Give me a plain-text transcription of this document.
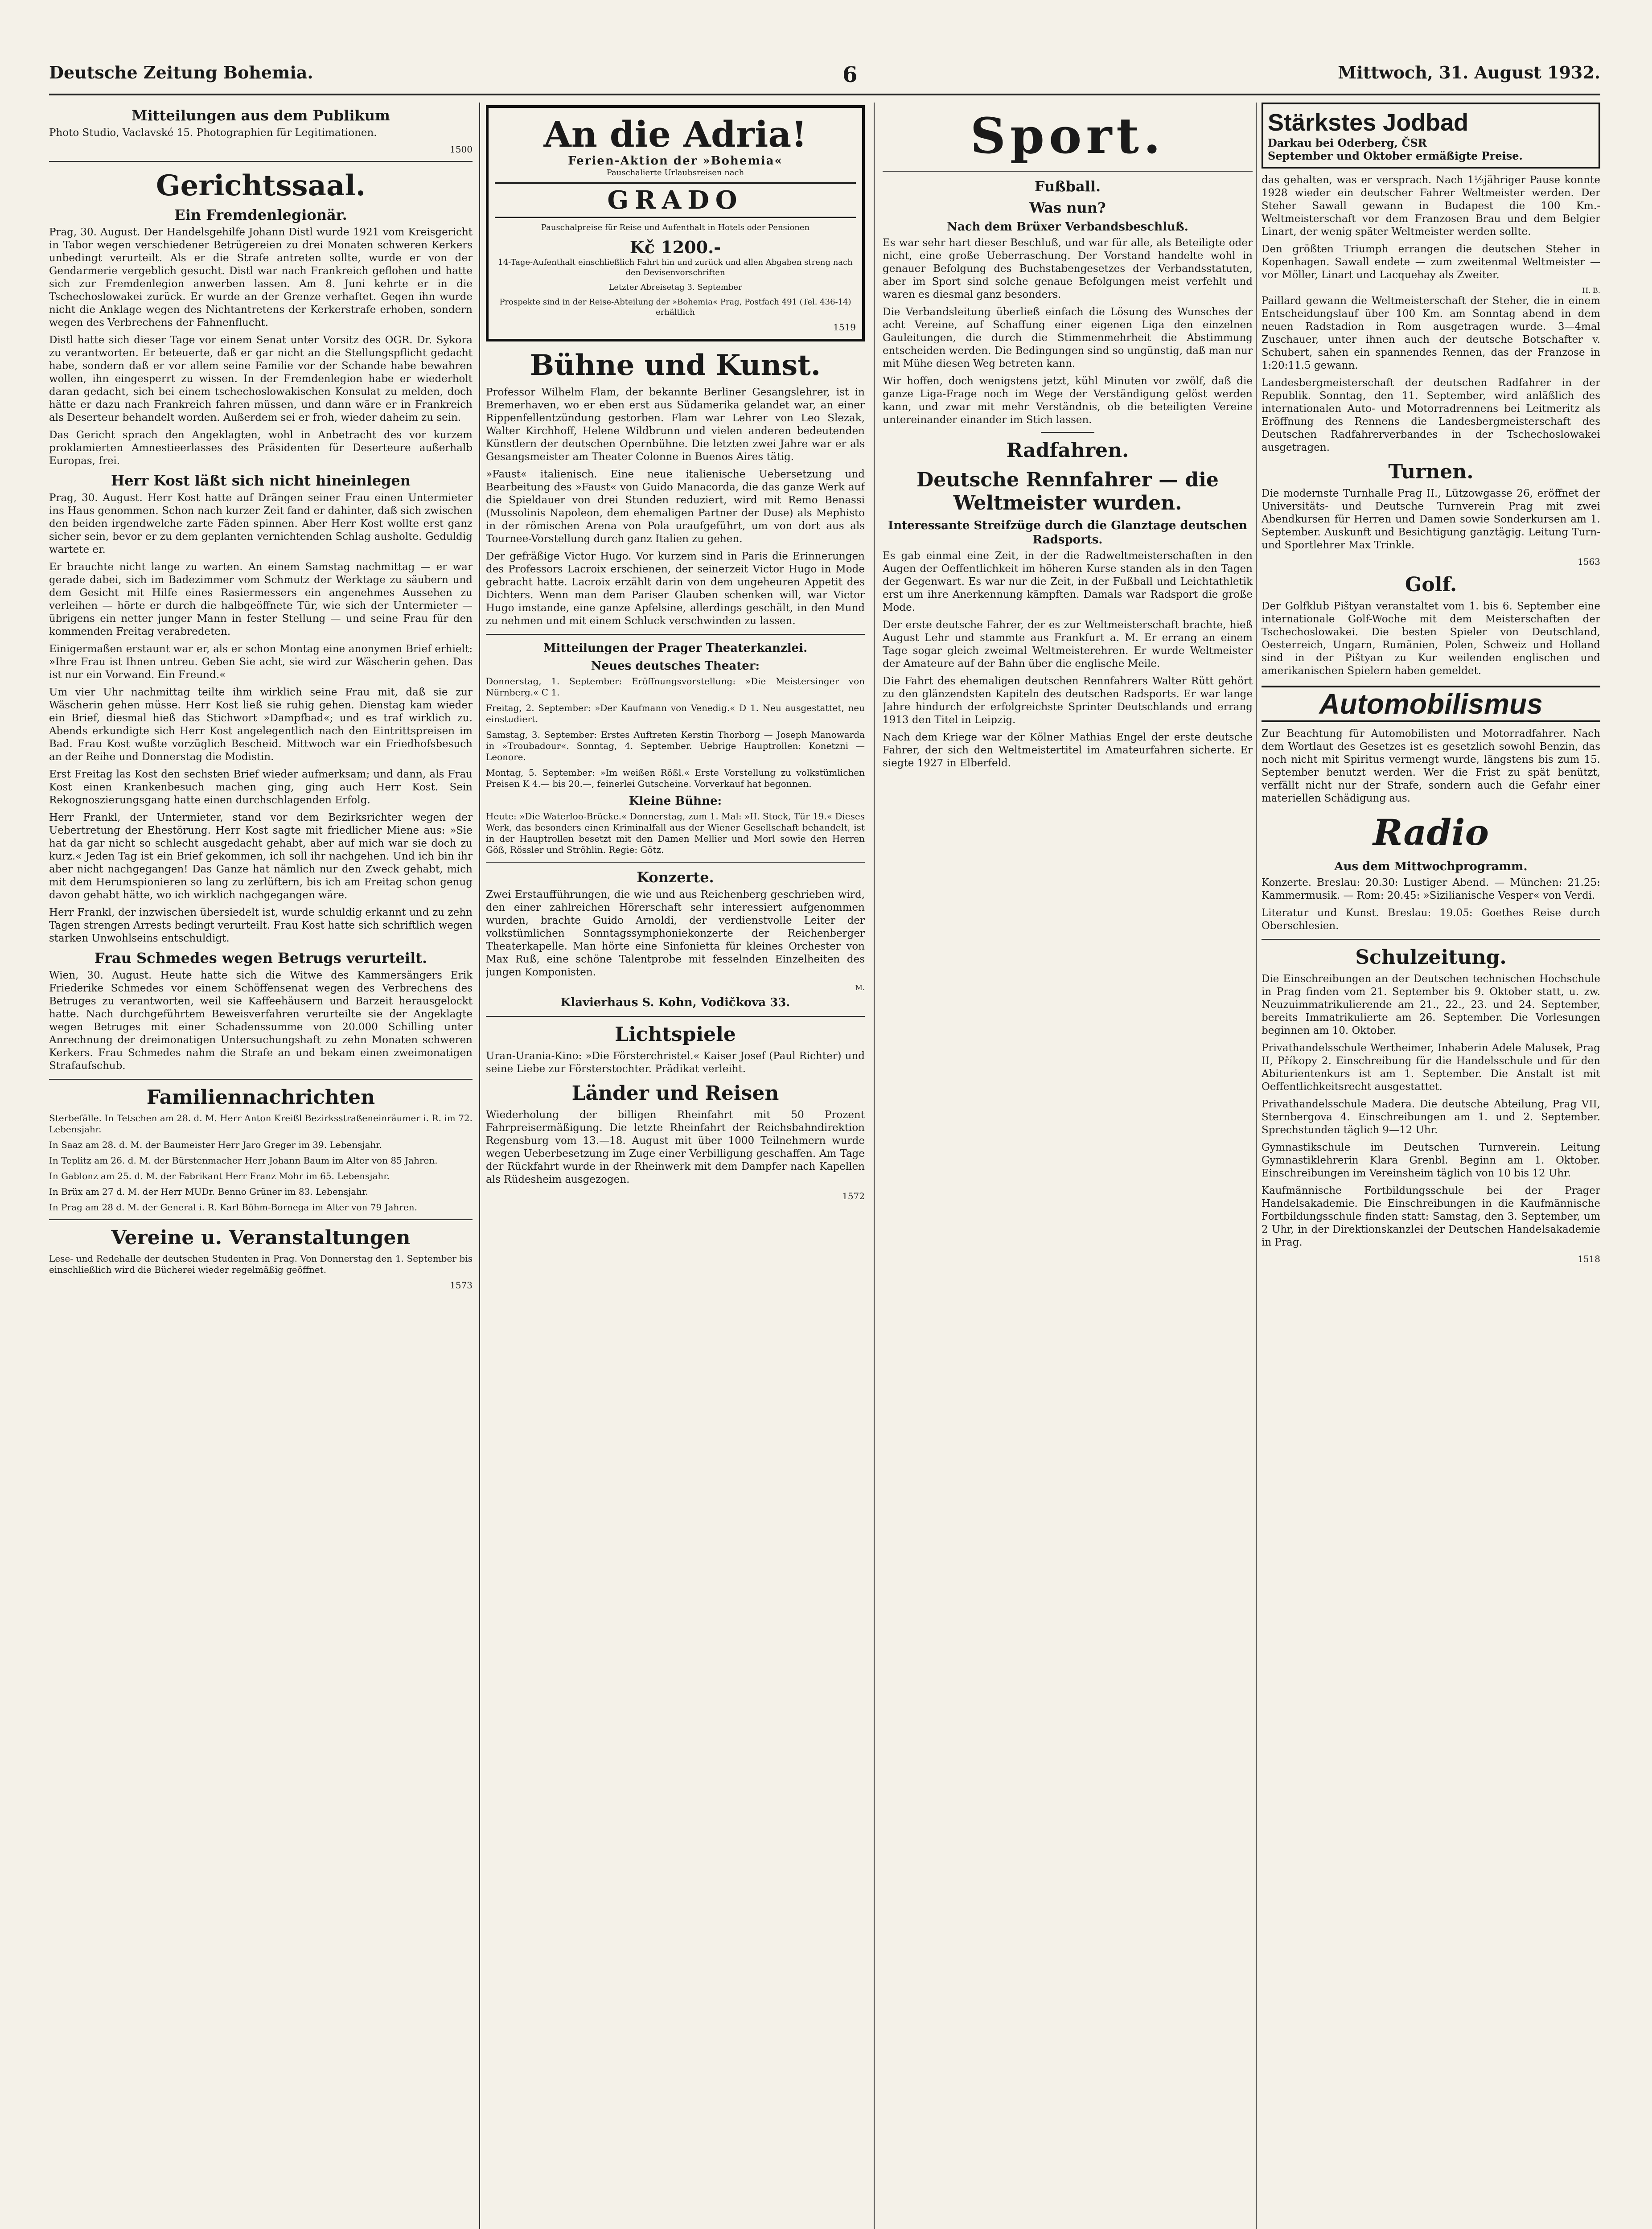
Deutsche Zeitung Bohemia.	6	Mittwoch, 31. August 1932.
Mitteilungen aus dem Publikum

Photo Studio, Vaclavské 15. Photographien für Legitimationen.

1500
Gerichtssaal.
Ein Fremdenlegionär.

Prag, 30. August. Der Handelsgehilfe Johann Distl wurde 1921 vom Kreisgericht in Tabor wegen verschiedener Betrügereien zu drei Monaten schweren Kerkers unbedingt verurteilt. Als er die Strafe antreten sollte, wurde er von der Gendarmerie vergeblich gesucht. Distl war nach Frankreich geflohen und hatte sich zur Fremdenlegion anwerben lassen. Am 8. Juni kehrte er in die Tschechoslowakei zurück. Er wurde an der Grenze verhaftet. Gegen ihn wurde nicht die Anklage wegen des Nichtantretens der Kerkerstrafe erhoben, sondern wegen des Verbrechens der Fahnenflucht.

Distl hatte sich dieser Tage vor einem Senat unter Vorsitz des OGR. Dr. Sykora zu verantworten. Er beteuerte, daß er gar nicht an die Stellungspflicht gedacht habe, sondern daß er vor allem seine Familie vor der Schande habe bewahren wollen, ihn eingesperrt zu wissen. In der Fremdenlegion habe er wiederholt daran gedacht, sich bei einem tschechoslowakischen Konsulat zu melden, doch hätte er dazu nach Frankreich fahren müssen, und dann wäre er in Frankreich als Deserteur behandelt worden. Außerdem sei er froh, wieder daheim zu sein.

Das Gericht sprach den Angeklagten, wohl in Anbetracht des vor kurzem proklamierten Amnestieerlasses des Präsidenten für Deserteure außerhalb Europas, frei.

Herr Kost läßt sich nicht hineinlegen

Prag, 30. August. Herr Kost hatte auf Drängen seiner Frau einen Untermieter ins Haus genommen. Schon nach kurzer Zeit fand er dahinter, daß sich zwischen den beiden irgendwelche zarte Fäden spinnen. Aber Herr Kost wollte erst ganz sicher sein, bevor er zu dem geplanten vernichtenden Schlag ausholte. Geduldig wartete er.

Er brauchte nicht lange zu warten. An einem Samstag nachmittag — er war gerade dabei, sich im Badezimmer vom Schmutz der Werktage zu säubern und dem Gesicht mit Hilfe eines Rasiermessers ein angenehmes Aussehen zu verleihen — hörte er durch die halbgeöffnete Tür, wie sich der Untermieter — übrigens ein netter junger Mann in fester Stellung — und seine Frau für den kommenden Freitag verabredeten.

Einigermaßen erstaunt war er, als er schon Montag eine anonymen Brief erhielt: »Ihre Frau ist Ihnen untreu. Geben Sie acht, sie wird zur Wäscherin gehen. Das ist nur ein Vorwand. Ein Freund.«

Um vier Uhr nachmittag teilte ihm wirklich seine Frau mit, daß sie zur Wäscherin gehen müsse. Herr Kost ließ sie ruhig gehen. Dienstag kam wieder ein Brief, diesmal hieß das Stichwort »Dampfbad«; und es traf wirklich zu. Abends erkundigte sich Herr Kost angelegentlich nach den Eintrittspreisen im Bad. Frau Kost wußte vorzüglich Bescheid. Mittwoch war ein Friedhofsbesuch an der Reihe und Donnerstag die Modistin.

Erst Freitag las Kost den sechsten Brief wieder aufmerksam; und dann, als Frau Kost einen Krankenbesuch machen ging, ging auch Herr Kost. Sein Rekognoszierungsgang hatte einen durchschlagenden Erfolg.

Herr Frankl, der Untermieter, stand vor dem Bezirksrichter wegen der Uebertretung der Ehestörung. Herr Kost sagte mit friedlicher Miene aus: »Sie hat da gar nicht so schlecht ausgedacht gehabt, aber auf mich war sie doch zu kurz.« Jeden Tag ist ein Brief gekommen, ich soll ihr nachgehen. Und ich bin ihr aber nicht nachgegangen! Das Ganze hat nämlich nur den Zweck gehabt, mich mit dem Herumspionieren so lang zu zerlüftern, bis ich am Freitag schon genug davon gehabt hätte, wo ich wirklich nachgegangen wäre.

Herr Frankl, der inzwischen übersiedelt ist, wurde schuldig erkannt und zu zehn Tagen strengen Arrests bedingt verurteilt. Frau Kost hatte sich schriftlich wegen starken Unwohlseins entschuldigt.

Frau Schmedes wegen Betrugs verurteilt.

Wien, 30. August. Heute hatte sich die Witwe des Kammersängers Erik Friederike Schmedes vor einem Schöffensenat wegen des Verbrechens des Betruges zu verantworten, weil sie Kaffeehäusern und Barzeit herausgelockt hatte. Nach durchgeführtem Beweisverfahren verurteilte sie der Angeklagte wegen Betruges mit einer Schadenssumme von 20.000 Schilling unter Anrechnung der dreimonatigen Untersuchungshaft zu zehn Monaten schweren Kerkers. Frau Schmedes nahm die Strafe an und bekam einen zweimonatigen Strafaufschub.

Familiennachrichten

Sterbefälle. In Tetschen am 28. d. M. Herr Anton Kreißl Bezirksstraßeneinräumer i. R. im 72. Lebensjahr.

In Saaz am 28. d. M. der Baumeister Herr Jaro Greger im 39. Lebensjahr.

In Teplitz am 26. d. M. der Bürstenmacher Herr Johann Baum im Alter von 85 Jahren.

In Gablonz am 25. d. M. der Fabrikant Herr Franz Mohr im 65. Lebensjahr.

In Brüx am 27 d. M. der Herr MUDr. Benno Grüner im 83. Lebensjahr.

In Prag am 28 d. M. der General i. R. Karl Böhm-Bornega im Alter von 79 Jahren.

Vereine u. Veranstaltungen

Lese- und Redehalle der deutschen Studenten in Prag. Von Donnerstag den 1. September bis einschließlich wird die Bücherei wieder regelmäßig geöffnet.

1573
An die Adria!
Ferien-Aktion der »Bohemia«

Pauschalierte Urlaubsreisen nach

GRADO

Pauschalpreise für Reise und Aufenthalt in Hotels oder Pensionen

Kč 1200.-

14-Tage-Aufenthalt einschließlich Fahrt hin und zurück und allen Abgaben streng nach den Devisenvorschriften

Letzter Abreisetag 3. September

Prospekte sind in der Reise-Abteilung der »Bohemia« Prag, Postfach 491 (Tel. 436-14) erhältlich

1519
Bühne und Kunst.

Professor Wilhelm Flam, der bekannte Berliner Gesangslehrer, ist in Bremerhaven, wo er eben erst aus Südamerika gelandet war, an einer Rippenfellentzündung gestorben. Flam war Lehrer von Leo Slezak, Walter Kirchhoff, Helene Wildbrunn und vielen anderen bedeutenden Künstlern der deutschen Opernbühne. Die letzten zwei Jahre war er als Gesangsmeister am Theater Colonne in Buenos Aires tätig.

»Faust« italienisch. Eine neue italienische Uebersetzung und Bearbeitung des »Faust« von Guido Manacorda, die das ganze Werk auf die Spieldauer von drei Stunden reduziert, wird mit Remo Benassi (Mussolinis Napoleon, dem ehemaligen Partner der Duse) als Mephisto in der römischen Arena von Pola uraufgeführt, um von dort aus als Tournee-Vorstellung durch ganz Italien zu gehen.

Der gefräßige Victor Hugo. Vor kurzem sind in Paris die Erinnerungen des Professors Lacroix erschienen, der seinerzeit Victor Hugo in Mode gebracht hatte. Lacroix erzählt darin von dem ungeheuren Appetit des Dichters. Wenn man dem Pariser Glauben schenken will, war Victor Hugo imstande, eine ganze Apfelsine, allerdings geschält, in den Mund zu nehmen und mit einem Schluck verschwinden zu lassen.

Mitteilungen der Prager Theaterkanzlei.
Neues deutsches Theater:

Donnerstag, 1. September: Eröffnungsvorstellung: »Die Meistersinger von Nürnberg.« C 1.

Freitag, 2. September: »Der Kaufmann von Venedig.« D 1. Neu ausgestattet, neu einstudiert.

Samstag, 3. September: Erstes Auftreten Kerstin Thorborg — Joseph Manowarda in »Troubadour«. Sonntag, 4. September. Uebrige Hauptrollen: Konetzni — Leonore.

Montag, 5. September: »Im weißen Rößl.« Erste Vorstellung zu volkstümlichen Preisen K 4.— bis 20.—, feinerlei Gutscheine. Vorverkauf hat begonnen.

Kleine Bühne:

Heute: »Die Waterloo-Brücke.« Donnerstag, zum 1. Mal: »II. Stock, Tür 19.« Dieses Werk, das besonders einen Kriminalfall aus der Wiener Gesellschaft behandelt, ist in der Hauptrollen besetzt mit den Damen Mellier und Morl sowie den Herren Göß, Rössler und Ströhlin. Regie: Götz.

Konzerte.

Zwei Erstaufführungen, die wie und aus Reichenberg geschrieben wird, den einer zahlreichen Hörerschaft sehr interessiert aufgenommen wurden, brachte Guido Arnoldi, der verdienstvolle Leiter der volkstümlichen Sonntagssymphoniekonzerte der Reichenberger Theaterkapelle. Man hörte eine Sinfonietta für kleines Orchester von Max Ruß, eine schöne Talentprobe mit fesselnden Einzelheiten des jungen Komponisten.

M.
Klavierhaus S. Kohn, Vodičkova 33.
Lichtspiele

Uran-Urania-Kino: »Die Försterchristel.« Kaiser Josef (Paul Richter) und seine Liebe zur Försterstochter. Prädikat verleiht.

Länder und Reisen

Wiederholung der billigen Rheinfahrt mit 50 Prozent Fahrpreisermäßigung. Die letzte Rheinfahrt der Reichsbahndirektion Regensburg vom 13.—18. August mit über 1000 Teilnehmern wurde wegen Ueberbesetzung im Zuge einer Verbilligung geschaffen. Am Tage der Rückfahrt wurde in der Rheinwerk mit dem Dampfer nach Kapellen als Rüdesheim ausgezogen.

1572
Sport.
Fußball.
Was nun?
Nach dem Brüxer Verbandsbeschluß.

Es war sehr hart dieser Beschluß, und war für alle, als Beteiligte oder nicht, eine große Ueberraschung. Der Vorstand handelte wohl in genauer Befolgung des Buchstabengesetzes der Verbandsstatuten, aber im Sport sind solche genaue Befolgungen meist verfehlt und waren es diesmal ganz besonders.

Die Verbandsleitung überließ einfach die Lösung des Wunsches der acht Vereine, auf Schaffung einer eigenen Liga den einzelnen Gauleitungen, die durch die Stimmenmehrheit die Abstimmung entscheiden werden. Die Bedingungen sind so ungünstig, daß man nur mit Mühe diesen Weg betreten kann.

Wir hoffen, doch wenigstens jetzt, kühl Minuten vor zwölf, daß die ganze Liga-Frage noch im Wege der Verständigung gelöst werden kann, und zwar mit mehr Verständnis, ob die beteiligten Vereine untereinander einander im Stich lassen.

Radfahren.
Deutsche Rennfahrer — die Weltmeister wurden.
Interessante Streifzüge durch die Glanztage deutschen Radsports.

Es gab einmal eine Zeit, in der die Radweltmeisterschaften in den Augen der Oeffentlichkeit im höheren Kurse standen als in den Tagen der Gegenwart. Es war nur die Zeit, in der Fußball und Leichtathletik erst um ihre Anerkennung kämpften. Damals war Radsport die große Mode.

Der erste deutsche Fahrer, der es zur Weltmeisterschaft brachte, hieß August Lehr und stammte aus Frankfurt a. M. Er errang an einem Tage sogar gleich zweimal Weltmeisterehren. Er wurde Weltmeister der Amateure auf der Bahn über die englische Meile.

Die Fahrt des ehemaligen deutschen Rennfahrers Walter Rütt gehört zu den glänzendsten Kapiteln des deutschen Radsports. Er war lange Jahre hindurch der erfolgreichste Sprinter Deutschlands und errang 1913 den Titel in Leipzig.

Nach dem Kriege war der Kölner Mathias Engel der erste deutsche Fahrer, der sich den Weltmeistertitel im Amateurfahren sicherte. Er siegte 1927 in Elberfeld.

Stärkstes Jodbad
Darkau bei Oderberg, ČSR
September und Oktober ermäßigte Preise.

das gehalten, was er versprach. Nach 1½jähriger Pause konnte 1928 wieder ein deutscher Fahrer Weltmeister werden. Der Steher Sawall gewann in Budapest die 100 Km.-Weltmeisterschaft vor dem Franzosen Brau und dem Belgier Linart, der wenig später Weltmeister werden sollte.

Den größten Triumph errangen die deutschen Steher in Kopenhagen. Sawall endete — zum zweitenmal Weltmeister — vor Möller, Linart und Lacquehay als Zweiter.

H. B.

Paillard gewann die Weltmeisterschaft der Steher, die in einem Entscheidungslauf über 100 Km. am Sonntag abend in dem neuen Radstadion in Rom ausgetragen wurde. 3—4mal Zuschauer, unter ihnen auch der deutsche Botschafter v. Schubert, sahen ein spannendes Rennen, das der Franzose in 1:20:11.5 gewann.

Landesbergmeisterschaft der deutschen Radfahrer in der Republik. Sonntag, den 11. September, wird anläßlich des internationalen Auto- und Motorradrennens bei Leitmeritz als Eröffnung des Rennens die Landesbergmeisterschaft des Deutschen Radfahrerverbandes in der Tschechoslowakei ausgetragen.

Turnen.

Die modernste Turnhalle Prag II., Lützowgasse 26, eröffnet der Universitäts- und Deutsche Turnverein Prag mit zwei Abendkursen für Herren und Damen sowie Sonderkursen am 1. September. Auskunft und Besichtigung ganztägig. Leitung Turn- und Sportlehrer Max Trinkle.

1563
Golf.

Der Golfklub Pištyan veranstaltet vom 1. bis 6. September eine internationale Golf-Woche mit dem Meisterschaften der Tschechoslowakei. Die besten Spieler von Deutschland, Oesterreich, Ungarn, Rumänien, Polen, Schweiz und Holland sind in der Pištyan zu Kur weilenden englischen und amerikanischen Spielern haben gemeldet.

Automobilismus

Zur Beachtung für Automobilisten und Motorradfahrer. Nach dem Wortlaut des Gesetzes ist es gesetzlich sowohl Benzin, das noch nicht mit Spiritus vermengt wurde, längstens bis zum 15. September benutzt werden. Wer die Frist zu spät benützt, verfällt nicht nur der Strafe, sondern auch die Gefahr einer materiellen Schädigung aus.

Radio
Aus dem Mittwochprogramm.

Konzerte. Breslau: 20.30: Lustiger Abend. — München: 21.25: Kammermusik. — Rom: 20.45: »Sizilianische Vesper« von Verdi.

Literatur und Kunst. Breslau: 19.05: Goethes Reise durch Oberschlesien.

Schulzeitung.

Die Einschreibungen an der Deutschen technischen Hochschule in Prag finden vom 21. September bis 9. Oktober statt, u. zw. Neuzuimmatrikulierende am 21., 22., 23. und 24. September, bereits Immatrikulierte am 26. September. Die Vorlesungen beginnen am 10. Oktober.

Privathandelsschule Wertheimer, Inhaberin Adele Malusek, Prag II, Příkopy 2. Einschreibung für die Handelsschule und für den Abiturientenkurs ist am 1. September. Die Anstalt ist mit Oeffentlichkeitsrecht ausgestattet.

Privathandelsschule Madera. Die deutsche Abteilung, Prag VII, Sternbergova 4. Einschreibungen am 1. und 2. September. Sprechstunden täglich 9—12 Uhr.

Gymnastikschule im Deutschen Turnverein. Leitung Gymnastiklehrerin Klara Grenbl. Beginn am 1. Oktober. Einschreibungen im Vereinsheim täglich von 10 bis 12 Uhr.

Kaufmännische Fortbildungsschule bei der Prager Handelsakademie. Die Einschreibungen in die Kaufmännische Fortbildungsschule finden statt: Samstag, den 3. September, um 2 Uhr, in der Direktionskanzlei der Deutschen Handelsakademie in Prag.

1518
